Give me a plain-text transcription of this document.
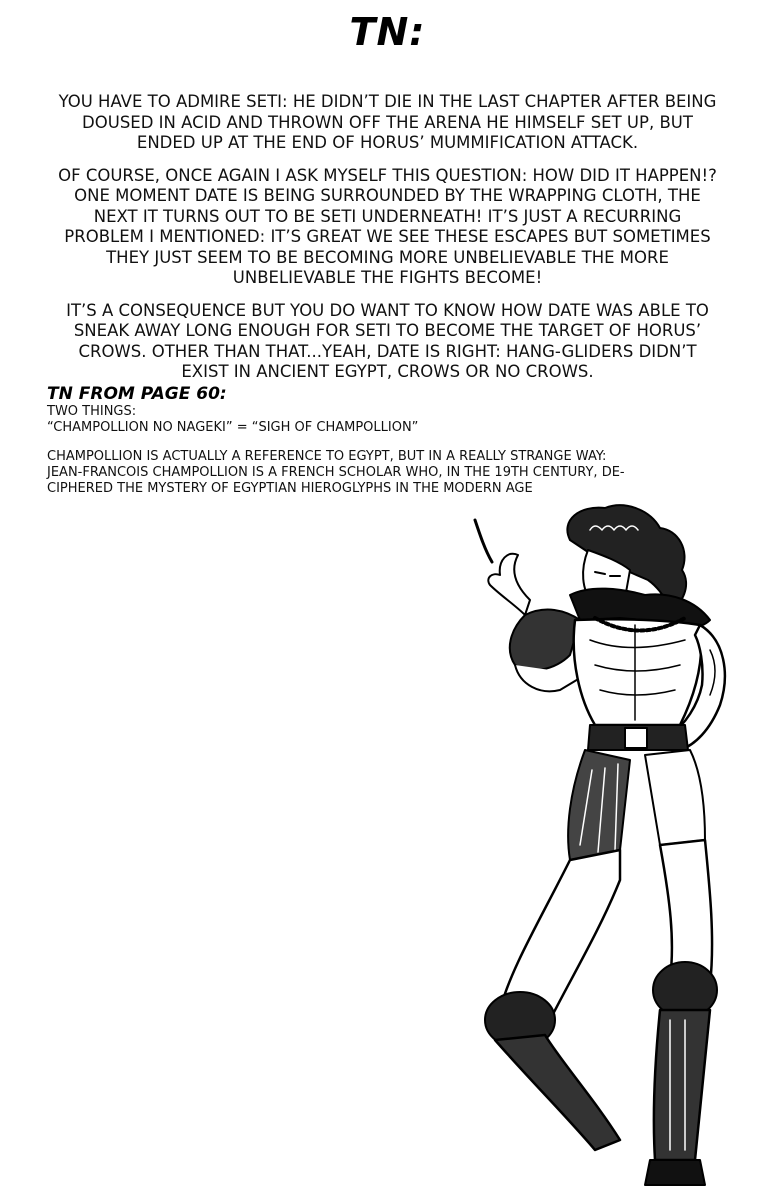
TN:

YOU HAVE TO ADMIRE SETI: HE DIDN’T DIE IN THE LAST CHAPTER AFTER BEING DOUSED IN ACID AND THROWN OFF THE ARENA HE HIMSELF SET UP, BUT ENDED UP AT THE END OF HORUS’ MUMMIFICATION ATTACK.

OF COURSE, ONCE AGAIN I ASK MYSELF THIS QUESTION: HOW DID IT HAPPEN!? ONE MOMENT DATE IS BEING SURROUNDED BY THE WRAPPING CLOTH, THE NEXT IT TURNS OUT TO BE SETI UNDERNEATH! IT’S JUST A RECURRING PROBLEM I MENTIONED: IT’S GREAT WE SEE THESE ESCAPES BUT SOMETIMES THEY JUST SEEM TO BE BECOMING MORE UNBELIEVABLE THE MORE UNBELIEVABLE THE FIGHTS BECOME!

IT’S A CONSEQUENCE BUT YOU DO WANT TO KNOW HOW DATE WAS ABLE TO SNEAK AWAY LONG ENOUGH FOR SETI TO BECOME THE TARGET OF HORUS’ CROWS. OTHER THAN THAT...YEAH, DATE IS RIGHT: HANG-GLIDERS DIDN’T EXIST IN ANCIENT EGYPT, CROWS OR NO CROWS.

TN FROM PAGE 60:
TWO THINGS:
“CHAMPOLLION NO NAGEKI” = “SIGH OF CHAMPOLLION”
CHAMPOLLION IS ACTUALLY A REFERENCE TO EGYPT, BUT IN A REALLY STRANGE WAY:
JEAN-FRANCOIS CHAMPOLLION IS A FRENCH SCHOLAR WHO, IN THE 19TH CENTURY, DE-
CIPHERED THE MYSTERY OF EGYPTIAN HIEROGLYPHS IN THE MODERN AGE
